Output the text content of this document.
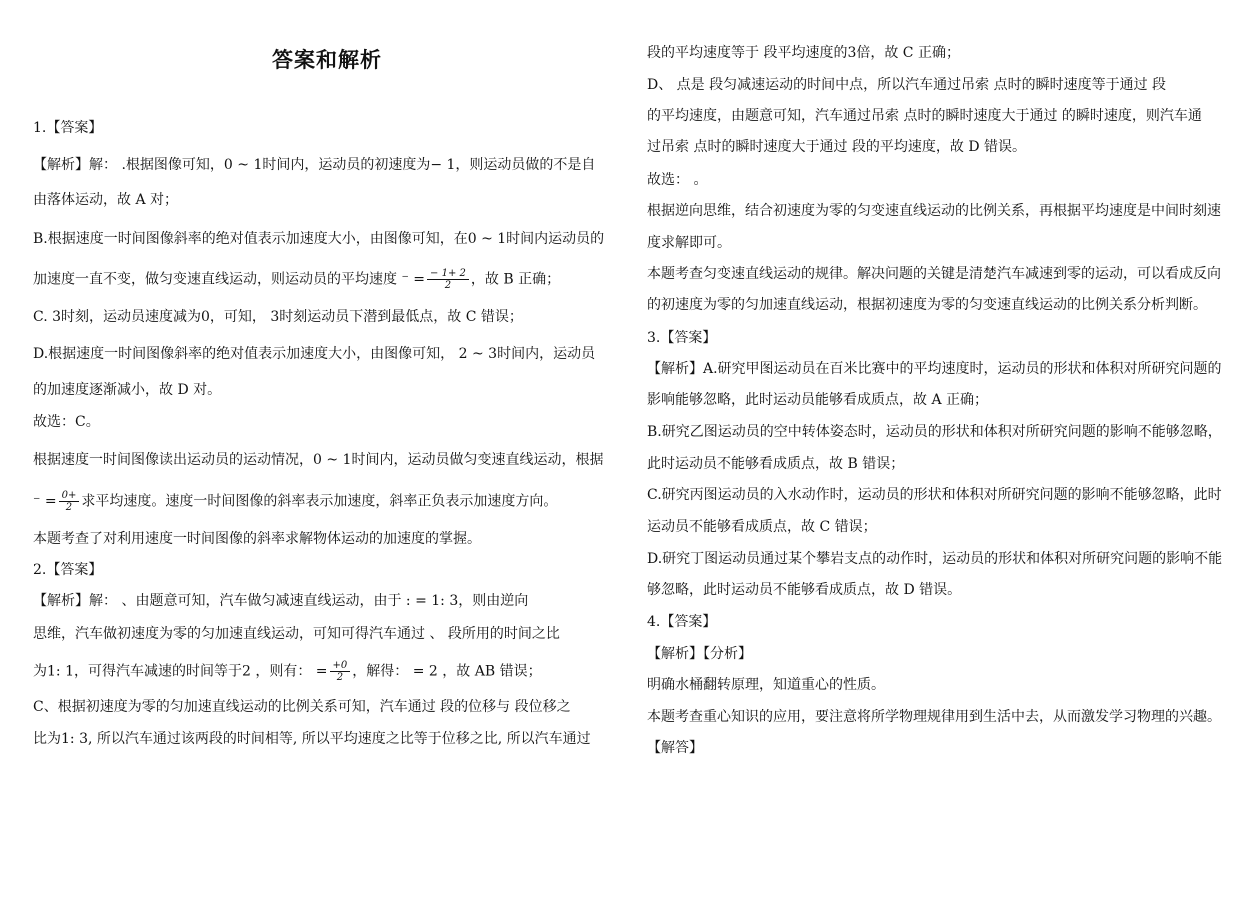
答案和解析
1.【答案】
【解析】解： .根据图像可知，0 ~ 1时间内，运动员的初速度为− 1，则运动员做的不是自
由落体运动，故 A 对；
B.根据速度一时间图像斜率的绝对值表示加速度大小，由图像可知，在0 ~ 1时间内运动员的
加速度一直不变，做匀变速直线运动，则运动员的平均速度 ⁻ = $\frac{- 1+ 2}{2}$ ，故 B 正确；
C. 3时刻，运动员速度减为0，可知， 3时刻运动员下潜到最低点，故 C 错误；
D.根据速度一时间图像斜率的绝对值表示加速度大小，由图像可知， 2 ~ 3时间内，运动员
的加速度逐渐减小，故 D 对。
故选：C。
根据速度一时间图像读出运动员的运动情况，0 ~ 1时间内，运动员做匀变速直线运动，根据
⁻ = $\frac{0+}{2}$ 求平均速度。速度一时间图像的斜率表示加速度，斜率正负表示加速度方向。
本题考查了对利用速度一时间图像的斜率求解物体运动的加速度的掌握。
2.【答案】
【解析】解： 、由题意可知，汽车做匀减速直线运动，由于 : = 1: 3，则由逆向
思维，汽车做初速度为零的匀加速直线运动，可知可得汽车通过 、 段所用的时间之比
为1: 1，可得汽车减速的时间等于2 ，则有： = $\frac{+0}{2}$ ，解得： = 2 ，故 AB 错误；
C、根据初速度为零的匀加速直线运动的比例关系可知，汽车通过 段的位移与 段位移之
比为1: 3, 所以汽车通过该两段的时间相等, 所以平均速度之比等于位移之比, 所以汽车通过
段的平均速度等于 段平均速度的3倍，故 C 正确；
D、 点是 段匀减速运动的时间中点，所以汽车通过吊索 点时的瞬时速度等于通过 段
的平均速度，由题意可知，汽车通过吊索 点时的瞬时速度大于通过 的瞬时速度，则汽车通
过吊索 点时的瞬时速度大于通过 段的平均速度，故 D 错误。
故选： 。
根据逆向思维，结合初速度为零的匀变速直线运动的比例关系，再根据平均速度是中间时刻速
度求解即可。
本题考查匀变速直线运动的规律。解决问题的关键是清楚汽车减速到零的运动，可以看成反向
的初速度为零的匀加速直线运动，根据初速度为零的匀变速直线运动的比例关系分析判断。
3.【答案】
【解析】A.研究甲图运动员在百米比赛中的平均速度时，运动员的形状和体积对所研究问题的
影响能够忽略，此时运动员能够看成质点，故 A 正确；
B.研究乙图运动员的空中转体姿态时，运动员的形状和体积对所研究问题的影响不能够忽略，
此时运动员不能够看成质点，故 B 错误；
C.研究丙图运动员的入水动作时，运动员的形状和体积对所研究问题的影响不能够忽略，此时
运动员不能够看成质点，故 C 错误；
D.研究丁图运动员通过某个攀岩支点的动作时，运动员的形状和体积对所研究问题的影响不能
够忽略，此时运动员不能够看成质点，故 D 错误。
4.【答案】
【解析】【分析】
明确水桶翻转原理，知道重心的性质。
本题考查重心知识的应用，要注意将所学物理规律用到生活中去，从而激发学习物理的兴趣。
【解答】
